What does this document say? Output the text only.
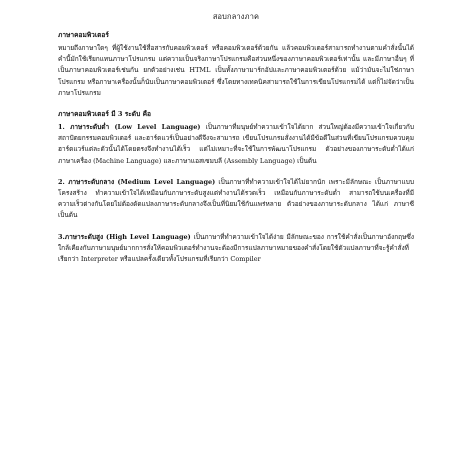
สอบกลางภาค
ภาษาคอมพิวเตอร์

หมายถึงภาษาใดๆ ที่ผู้ใช้งานใช้สื่อสารกับคอมพิวเตอร์ หรือคอมพิวเตอร์ด้วยกัน แล้วคอมพิวเตอร์สามารถทำงานตามคำสั่งนั้นได้ คำนี้มักใช้เรียกแทนภาษาโปรแกรม แต่ความเป็นจริงภาษาโปรแกรมคือส่วนหนึ่งของภาษาคอมพิวเตอร์เท่านั้น และมีภาษาอื่นๆ ที่เป็นภาษาคอมพิวเตอร์เช่นกัน ยกตัวอย่างเช่น HTML เป็นทั้งภาษามาร์กอัปและภาษาคอมพิวเตอร์ด้วย แม้ว่ามันจะไม่ใช่ภาษาโปรแกรม หรือภาษาเครื่องนั้นก็นับเป็นภาษาคอมพิวเตอร์ ซึ่งโดยทางเทคนิคสามารถใช้ในการเขียนโปรแกรมได้ แต่ก็ไม่จัดว่าเป็นภาษาโปรแกรม

ภาษาคอมพิวเตอร์ มี 3 ระดับ คือ

1. ภาษาระดับต่ำ (Low Level Language) เป็นภาษาที่มนุษย์ทำความเข้าใจได้ยาก ส่วนใหญ่ต้องมีความเข้าใจเกี่ยวกับสถาปัตยกรรมคอมพิวเตอร์ และฮาร์ดแวร์เป็นอย่างดีจึงจะสามารถ เขียนโปรแกรมสั่งงานได้มีข้อดีในส่วนที่เขียนโปรแกรมควบคุมฮาร์ดแวร์แต่ละตัวนั้นได้โดยตรงจึงทำงานได้เร็ว แต่ไม่เหมาะที่จะใช้ในการพัฒนาโปรแกรม ตัวอย่างของภาษาระดับต่ำได้แก่ ภาษาเครื่อง (Machine Language) และภาษาแอสเซมบลี (Assembly Language) เป็นต้น

2. ภาษาระดับกลาง (Medium Level Language) เป็นภาษาที่ทำความเข้าใจได้ไม่ยากนัก เพราะมีลักษณะ เป็นภาษาแบบโครงสร้าง ทำความเข้าใจได้เหมือนกับภาษาระดับสูงแต่ทำงานได้รวดเร็ว เหมือนกับภาษาระดับต่ำ สามารถใช้บนเครื่องที่มีความเร็วต่างกันโดยไม่ต้องดัดแปลงภาษาระดับกลางจึงเป็นที่นิยมใช้กันแพร่หลาย ตัวอย่างของภาษาระดับกลาง ได้แก่ ภาษาซี เป็นต้น

3.ภาษาระดับสูง (High Level Language) เป็นภาษาที่ทำความเข้าใจได้ง่าย มีลักษณะของ การใช้คำสั่งเป็นภาษาอังกฤษซึ่งใกล้เคียงกับภาษามนุษย์มากการสั่งให้คอมพิวเตอร์ทำงานจะต้องมีการแปลภาษาหมายของคำสั่งโดยใช้ตัวแปลภาษาที่จะรู้คำสั่งที่เรียกว่า Interpreter หรือแปลครั้งเดียวทั้งโปรแกรมที่เรียกว่า Compiler
